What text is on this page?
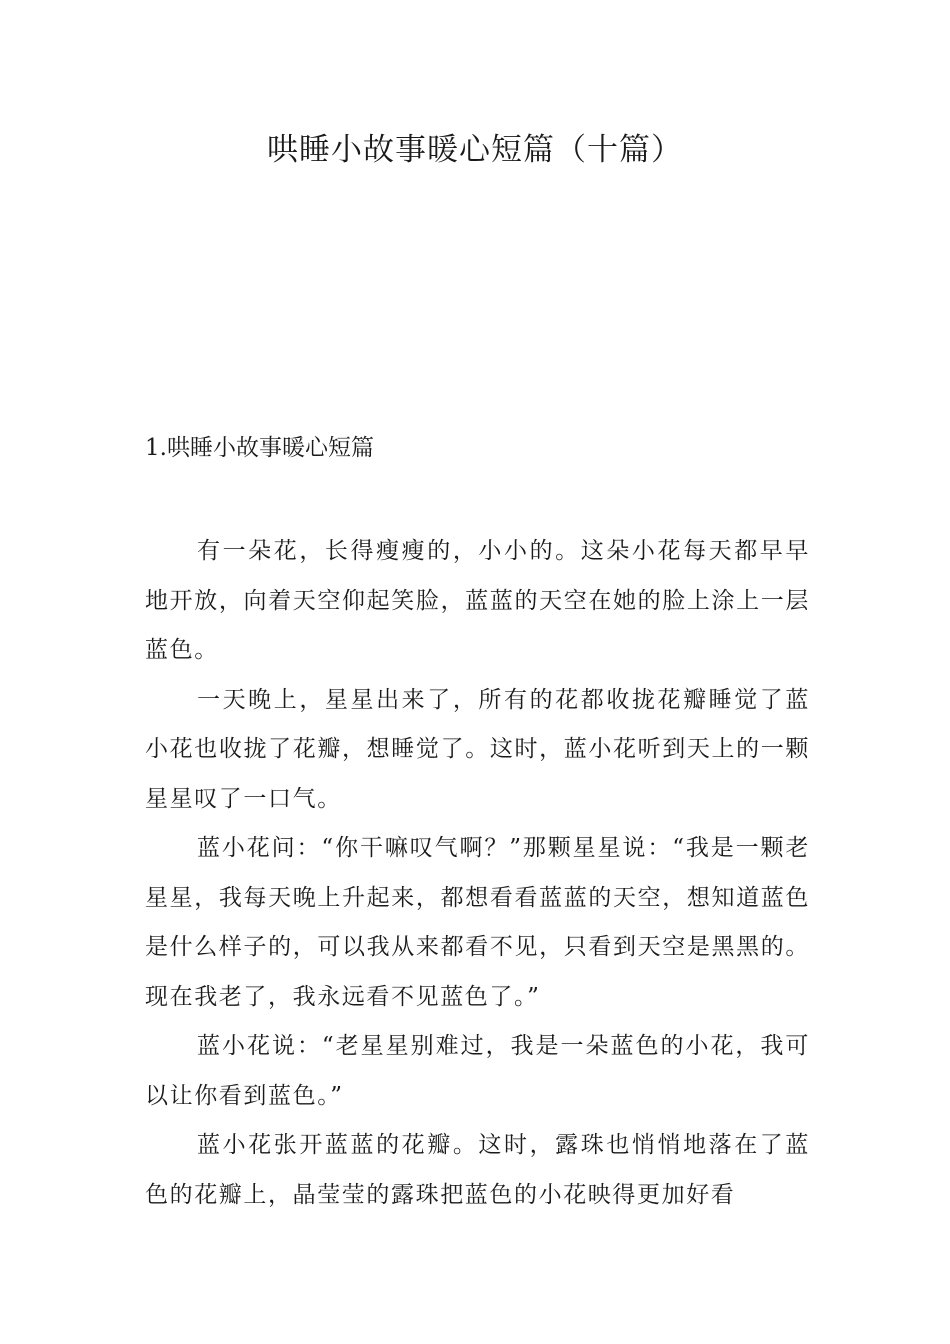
哄睡小故事暖心短篇（十篇）
1.哄睡小故事暖心短篇

有一朵花，长得瘦瘦的，小小的。这朵小花每天都早早地开放，向着天空仰起笑脸，蓝蓝的天空在她的脸上涂上一层蓝色。

一天晚上，星星出来了，所有的花都收拢花瓣睡觉了蓝小花也收拢了花瓣，想睡觉了。这时，蓝小花听到天上的一颗星星叹了一口气。

蓝小花问：“你干嘛叹气啊？”那颗星星说：“我是一颗老星星，我每天晚上升起来，都想看看蓝蓝的天空，想知道蓝色是什么样子的，可以我从来都看不见，只看到天空是黑黑的。现在我老了，我永远看不见蓝色了。”

蓝小花说：“老星星别难过，我是一朵蓝色的小花，我可以让你看到蓝色。”

蓝小花张开蓝蓝的花瓣。这时，露珠也悄悄地落在了蓝色的花瓣上，晶莹莹的露珠把蓝色的小花映得更加好看
